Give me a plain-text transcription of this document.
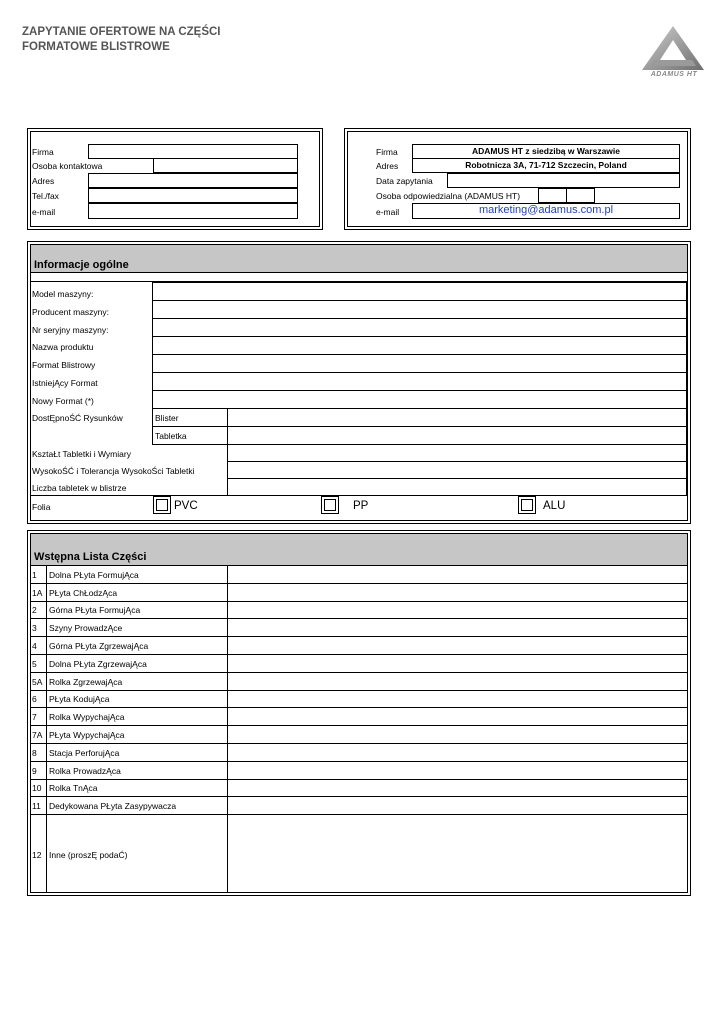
ZAPYTANIE OFERTOWE NA CZĘŚCI
FORMATOWE BLISTROWE
ADAMUS HT
Firma
Osoba kontaktowa
Adres
Tel./fax
e-mail
Firma	ADAMUS HT z siedzibą w Warszawie
Adres	Robotnicza 3A, 71-712 Szczecin, Poland
Data zapytania
Osoba odpowiedzialna (ADAMUS HT)
e-mail	marketing@adamus.com.pl
Informacje ogólne
Model maszyny:
Producent maszyny:
Nr seryjny maszyny:
Nazwa produktu
Format Blistrowy
IstniejĄcy Format
Nowy Format (*)
DostĘpnoŚĆ Rysunków	Blister
Tabletka
KsztaŁt Tabletki i Wymiary
WysokoŚĆ i Tolerancja WysokoŚci Tabletki
Liczba tabletek w blistrze
Folia	PVC	PP	ALU
Wstępna Lista Części
1 Dolna PŁyta FormujĄca
1A PŁyta ChŁodzĄca
2 Górna PŁyta FormujĄca
3 Szyny ProwadzĄce
4 Górna PŁyta ZgrzewajĄca
5 Dolna PŁyta ZgrzewajĄca
5A Rolka ZgrzewajĄca
6 PŁyta KodujĄca
7 Rolka WypychajĄca
7A PŁyta WypychajĄca
8 Stacja PerforujĄca
9 Rolka ProwadzĄca
10 Rolka TnĄca
11 Dedykowana PŁyta Zasypywacza
12 Inne (proszĘ podaĆ)
